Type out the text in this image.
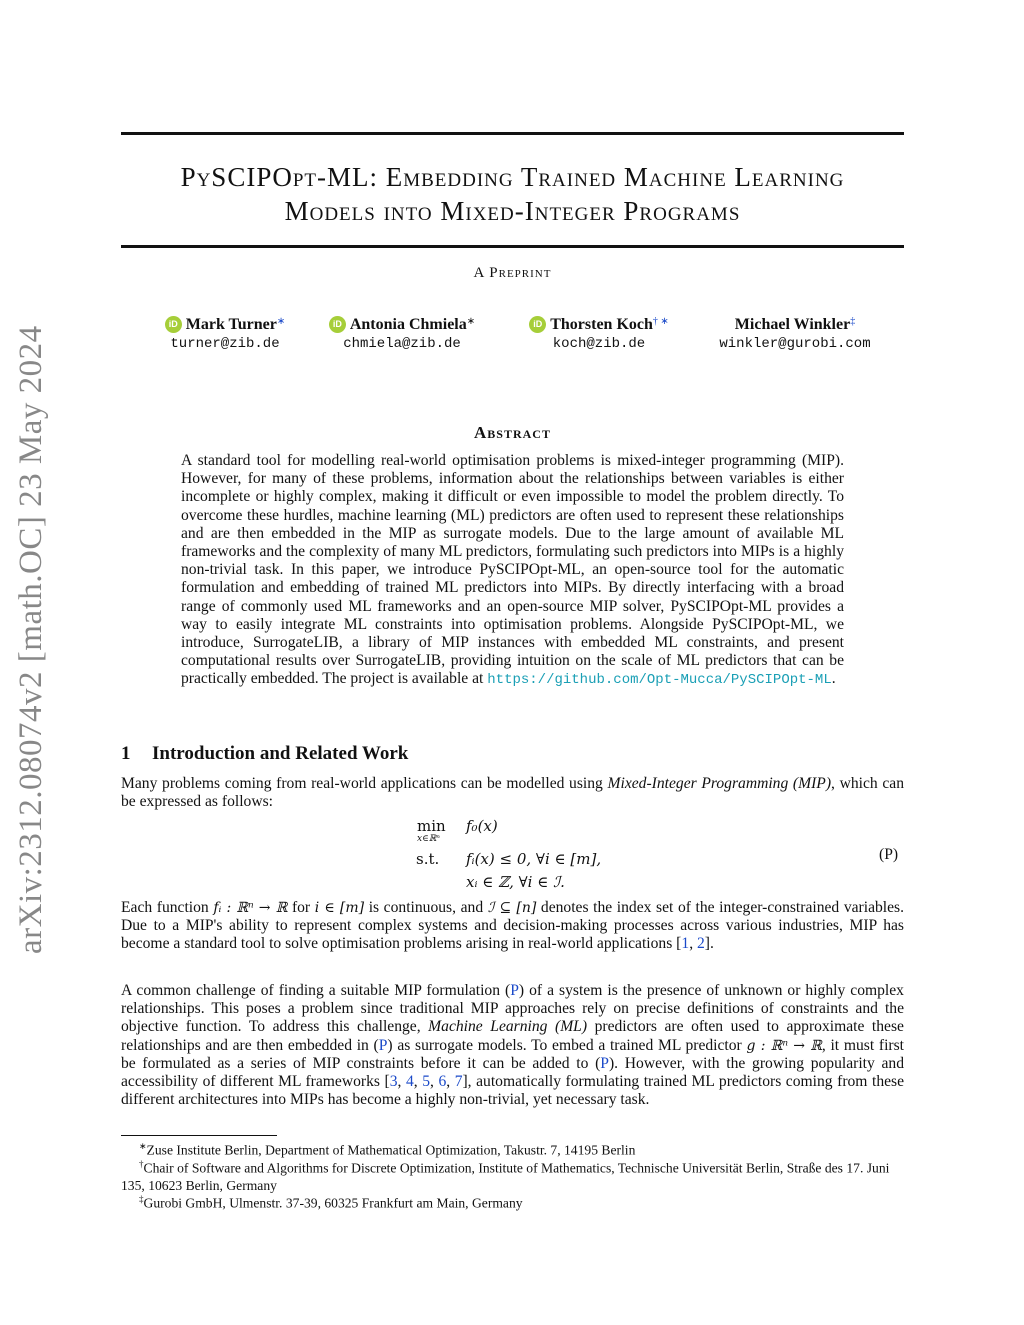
arXiv:2312.08074v2 [math.OC] 23 May 2024
PySCIPOpt-ML: Embedding Trained Machine Learning
Models into Mixed-Integer Programs
A Preprint
iD Mark Turner∗
turner@zib.de
iD Antonia Chmiela∗
chmiela@zib.de
iD Thorsten Koch† ∗
koch@zib.de
Michael Winkler‡
winkler@gurobi.com
Abstract
A standard tool for modelling real-world optimisation problems is mixed-integer programming (MIP). However, for many of these problems, information about the relationships between variables is either incomplete or highly complex, making it difficult or even impossible to model the problem directly. To overcome these hurdles, machine learning (ML) predictors are often used to represent these relationships and are then embedded in the MIP as surrogate models. Due to the large amount of available ML frameworks and the complexity of many ML predictors, formulating such predictors into MIPs is a highly non-trivial task. In this paper, we introduce PySCIPOpt-ML, an open-source tool for the automatic formulation and embedding of trained ML predictors into MIPs. By directly interfacing with a broad range of commonly used ML frameworks and an open-source MIP solver, PySCIPOpt-ML provides a way to easily integrate ML constraints into optimisation problems. Alongside PySCIPOpt-ML, we introduce, SurrogateLIB, a library of MIP instances with embedded ML constraints, and present computational results over SurrogateLIB, providing intuition on the scale of ML predictors that can be practically embedded. The project is available at https://github.com/Opt-Mucca/PySCIPOpt-ML.
1 Introduction and Related Work
Many problems coming from real-world applications can be modelled using Mixed-Integer Programming (MIP), which can be expressed as follows:
min
x∈ℝⁿ
f₀(x)
s.t. fᵢ(x) ≤ 0, ∀i ∈ [m],
xᵢ ∈ ℤ, ∀i ∈ ℐ.
(P)
Each function fᵢ : ℝⁿ → ℝ for i ∈ [m] is continuous, and ℐ ⊆ [n] denotes the index set of the integer-constrained variables. Due to a MIP's ability to represent complex systems and decision-making processes across various industries, MIP has become a standard tool to solve optimisation problems arising in real-world applications [1, 2].
A common challenge of finding a suitable MIP formulation (P) of a system is the presence of unknown or highly complex relationships. This poses a problem since traditional MIP approaches rely on precise definitions of constraints and the objective function. To address this challenge, Machine Learning (ML) predictors are often used to approximate these relationships and are then embedded in (P) as surrogate models. To embed a trained ML predictor g : ℝⁿ → ℝ, it must first be formulated as a series of MIP constraints before it can be added to (P). However, with the growing popularity and accessibility of different ML frameworks [3, 4, 5, 6, 7], automatically formulating trained ML predictors coming from these different architectures into MIPs has become a highly non-trivial, yet necessary task.
∗Zuse Institute Berlin, Department of Mathematical Optimization, Takustr. 7, 14195 Berlin
†Chair of Software and Algorithms for Discrete Optimization, Institute of Mathematics, Technische Universität Berlin, Straße des 17. Juni 135, 10623 Berlin, Germany
‡Gurobi GmbH, Ulmenstr. 37-39, 60325 Frankfurt am Main, Germany
